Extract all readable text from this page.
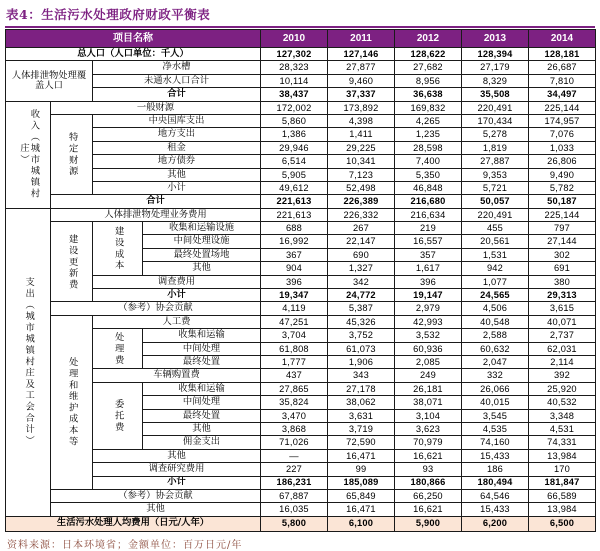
表4：生活污水处理政府财政平衡表
项目名称				2010	2011	2012	2013	2014
总人口（人口单位：千人）				127,302	127,146	128,622	128,394	128,181
人体排泄物处理覆盖人口		净水槽		28,323	27,877	27,682	27,179	26,687
		未通水人口合计		10,114	9,460	8,956	8,329	7,810
		合计		38,437	37,337	36,638	35,508	34,497
收入（城市城镇村庄）	一般财源			172,002	173,892	169,832	220,491	225,144
	特定财源	中央国库支出		5,860	4,398	4,265	170,434	174,957
		地方支出		1,386	1,411	1,235	5,278	7,076
		租金		29,946	29,225	28,598	1,819	1,033
		地方债券		6,514	10,341	7,400	27,887	26,806
		其他		5,905	7,123	5,350	9,353	9,490
		小计		49,612	52,498	46,848	5,721	5,782
	合计			221,613	226,389	216,680	50,057	50,187
支出（城市城镇村庄及工会合计）	人体排泄物处理业务费用			221,613	226,332	216,634	220,491	225,144
	建设更新费	建设成本	收集和运输设施	688	267	219	455	797
			中间处理设施	16,992	22,147	16,557	20,561	27,144
			最终处置场地	367	690	357	1,531	302
			其他	904	1,327	1,617	942	691
		调查费用		396	342	396	1,077	380
		小计		19,347	24,772	19,147	24,565	29,313
	（参考）协会贡献			4,119	5,387	2,979	4,506	3,615
	处理和维护成本等	人工费		47,251	45,326	42,993	40,548	40,071
		处理费	收集和运输	3,704	3,752	3,532	2,588	2,737
			中间处理	61,808	61,073	60,936	60,632	62,031
			最终处置	1,777	1,906	2,085	2,047	2,114
		车辆购置费		437	343	249	332	392
		委托费	收集和运输	27,865	27,178	26,181	26,066	25,920
			中间处理	35,824	38,062	38,071	40,015	40,532
			最终处置	3,470	3,631	3,104	3,545	3,348
			其他	3,868	3,719	3,623	4,535	4,531
			佣金支出	71,026	72,590	70,979	74,160	74,331
		其他		—	16,471	16,621	15,433	13,984
		调查研究费用		227	99	93	186	170
		小计		186,231	185,089	180,866	180,494	181,847
	（参考）协会贡献			67,887	65,849	66,250	64,546	66,589
	其他			16,035	16,471	16,621	15,433	13,984
生活污水处理人均费用（日元/人年）				5,800	6,100	5,900	6,200	6,500
资料来源：日本环境省；金额单位：百万日元/年
